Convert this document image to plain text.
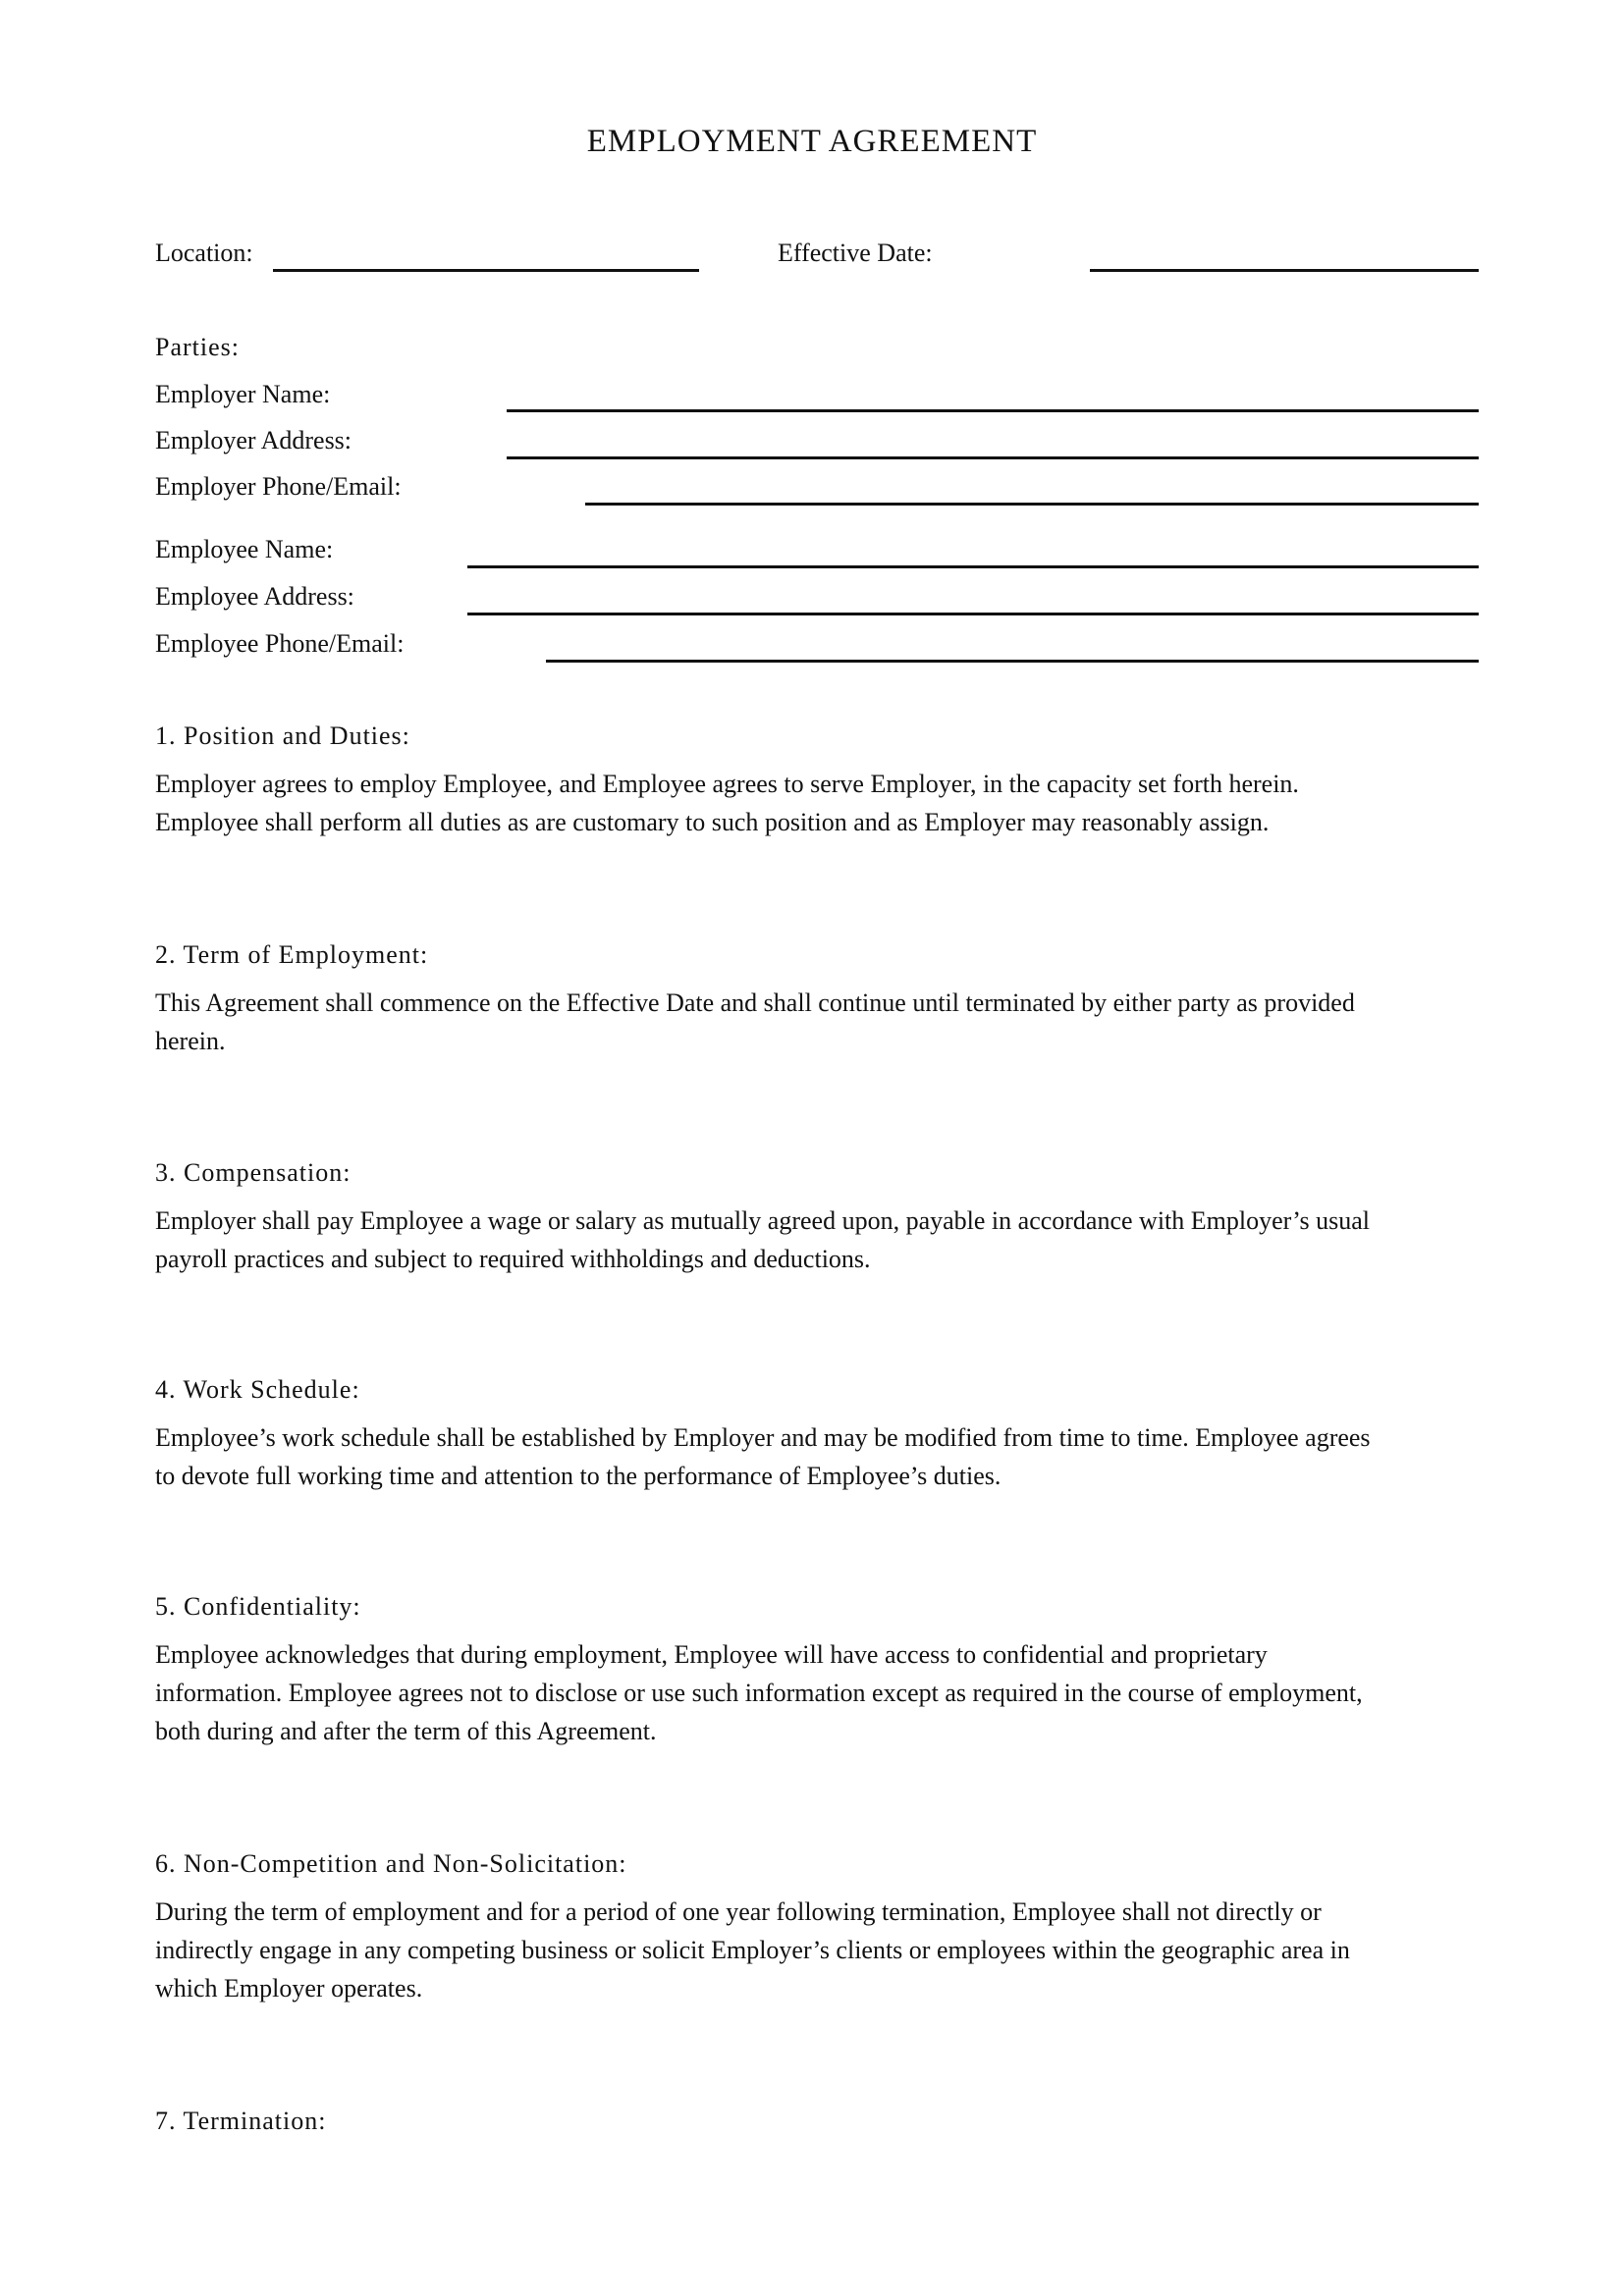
EMPLOYMENT AGREEMENT
Location:	Effective Date:
Parties:
Employer Name:
Employer Address:
Employer Phone/Email:
Employee Name:
Employee Address:
Employee Phone/Email:
1. Position and Duties:
Employer agrees to employ Employee, and Employee agrees to serve Employer, in the capacity set forth herein.
Employee shall perform all duties as are customary to such position and as Employer may reasonably assign.
2. Term of Employment:
This Agreement shall commence on the Effective Date and shall continue until terminated by either party as provided
herein.
3. Compensation:
Employer shall pay Employee a wage or salary as mutually agreed upon, payable in accordance with Employer’s usual
payroll practices and subject to required withholdings and deductions.
4. Work Schedule:
Employee’s work schedule shall be established by Employer and may be modified from time to time. Employee agrees
to devote full working time and attention to the performance of Employee’s duties.
5. Confidentiality:
Employee acknowledges that during employment, Employee will have access to confidential and proprietary
information. Employee agrees not to disclose or use such information except as required in the course of employment,
both during and after the term of this Agreement.
6. Non-Competition and Non-Solicitation:
During the term of employment and for a period of one year following termination, Employee shall not directly or
indirectly engage in any competing business or solicit Employer’s clients or employees within the geographic area in
which Employer operates.
7. Termination:
